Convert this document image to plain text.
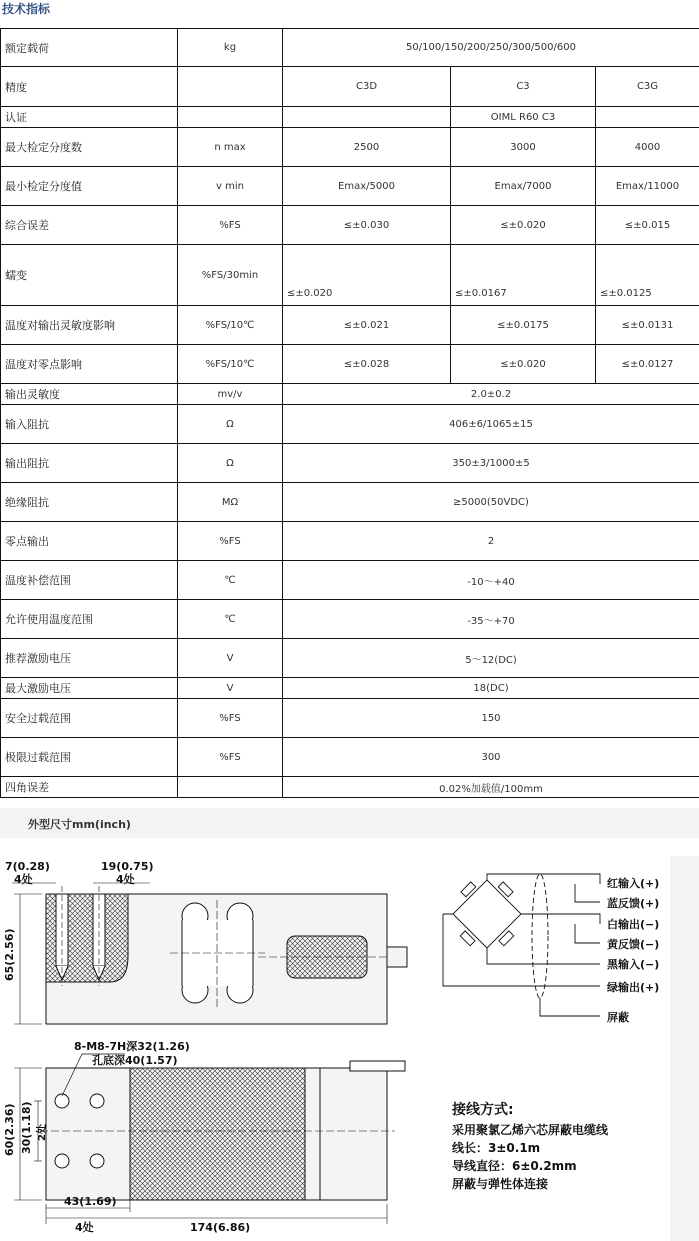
技术指标
额定载荷	kg	50/100/150/200/250/300/500/600		
精度		C3D	C3	C3G
认证			OIML R60 C3	
最大检定分度数	n max	2500	3000	4000
最小检定分度值	v min	Emax/5000	Emax/7000	Emax/11000
综合误差	%FS	≤±0.030	≤±0.020	≤±0.015
蠕变	%FS/30min	≤±0.020	≤±0.0167	≤±0.0125
温度对输出灵敏度影响	%FS/10℃	≤±0.021	≤±0.0175	≤±0.0131
温度对零点影响	%FS/10℃	≤±0.028	≤±0.020	≤±0.0127
输出灵敏度	mv/v	2.0±0.2		
输入阻抗	Ω	406±6/1065±15		
输出阻抗	Ω	350±3/1000±5		
绝缘阻抗	MΩ	≥5000(50VDC)		
零点输出	%FS	2		
温度补偿范围	℃	-10～+40		
允许使用温度范围	℃	-35～+70		
推荐激励电压	V	5～12(DC)		
最大激励电压	V	18(DC)		
安全过载范围	%FS	150		
极限过载范围	%FS	300		
四角误差		0.02%加载值/100mm		
外型尺寸mm(inch)
7(0.28)
4处
19(0.75)
4处
65(2.56)
红输入(+)
蓝反馈(+)
白输出(−)
黄反馈(−)
黑输入(−)
绿输出(+)
屏蔽
8-M8-7H深32(1.26)
孔底深40(1.57)
60(2.36) 30(1.18) 2处
43(1.69)
4处	174(6.86)
接线方式:
采用聚氯乙烯六芯屏蔽电缆线
线长：3±0.1m
导线直径：6±0.2mm
屏蔽与弹性体连接
